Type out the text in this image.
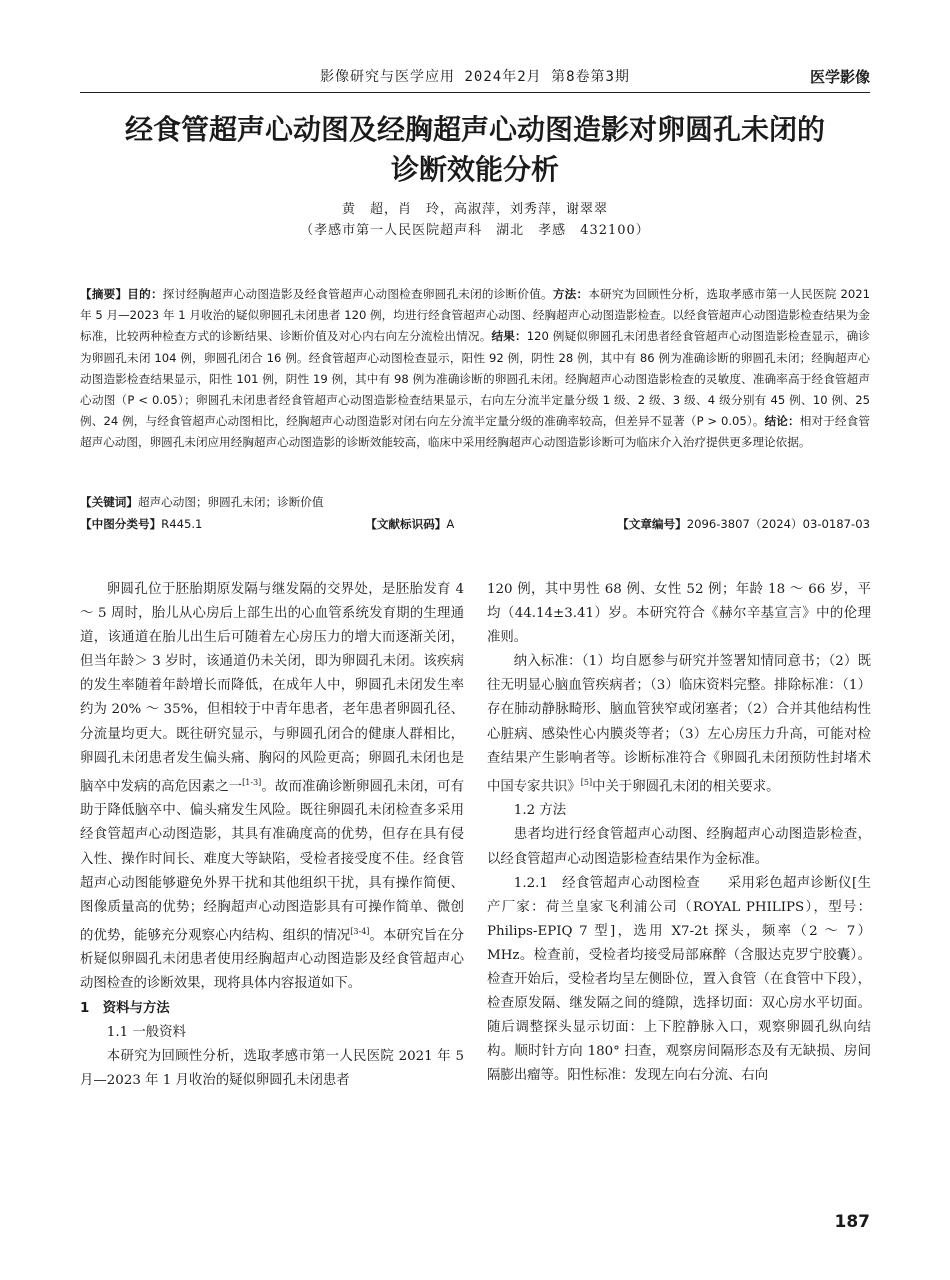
影像研究与医学应用 2024年2月 第8卷第3期	医学影像
经食管超声心动图及经胸超声心动图造影对卵圆孔未闭的
诊断效能分析
黄　超，肖　玲，高淑萍，刘秀萍，谢翠翠
（孝感市第一人民医院超声科　湖北　孝感　432100）
【摘要】目的：探讨经胸超声心动图造影及经食管超声心动图检查卵圆孔未闭的诊断价值。方法：本研究为回顾性分析，选取孝感市第一人民医院 2021 年 5 月—2023 年 1 月收治的疑似卵圆孔未闭患者 120 例，均进行经食管超声心动图、经胸超声心动图造影检查。以经食管超声心动图造影检查结果为金标准，比较两种检查方式的诊断结果、诊断价值及对心内右向左分流检出情况。结果：120 例疑似卵圆孔未闭患者经食管超声心动图造影检查显示，确诊为卵圆孔未闭 104 例，卵圆孔闭合 16 例。经食管超声心动图检查显示，阳性 92 例，阴性 28 例，其中有 86 例为准确诊断的卵圆孔未闭；经胸超声心动图造影检查结果显示，阳性 101 例，阴性 19 例，其中有 98 例为准确诊断的卵圆孔未闭。经胸超声心动图造影检查的灵敏度、准确率高于经食管超声心动图（P < 0.05）；卵圆孔未闭患者经食管超声心动图造影检查结果显示，右向左分流半定量分级 1 级、2 级、3 级、4 级分别有 45 例、10 例、25 例、24 例，与经食管超声心动图相比，经胸超声心动图造影对闭右向左分流半定量分级的准确率较高，但差异不显著（P > 0.05）。结论：相对于经食管超声心动图，卵圆孔未闭应用经胸超声心动图造影的诊断效能较高，临床中采用经胸超声心动图造影诊断可为临床介入治疗提供更多理论依据。
【关键词】超声心动图；卵圆孔未闭；诊断价值
【中图分类号】R445.1	【文献标识码】A	【文章编号】2096-3807（2024）03-0187-03

卵圆孔位于胚胎期原发隔与继发隔的交界处，是胚胎发育 4 ～ 5 周时，胎儿从心房后上部生出的心血管系统发育期的生理通道，该通道在胎儿出生后可随着左心房压力的增大而逐渐关闭，但当年龄＞ 3 岁时，该通道仍未关闭，即为卵圆孔未闭。该疾病的发生率随着年龄增长而降低，在成年人中，卵圆孔未闭发生率约为 20% ～ 35%，但相较于中青年患者，老年患者卵圆孔径、分流量均更大。既往研究显示，与卵圆孔闭合的健康人群相比，卵圆孔未闭患者发生偏头痛、胸闷的风险更高；卵圆孔未闭也是脑卒中发病的高危因素之一[1-3]。故而准确诊断卵圆孔未闭，可有助于降低脑卒中、偏头痛发生风险。既往卵圆孔未闭检查多采用经食管超声心动图造影，其具有准确度高的优势，但存在具有侵入性、操作时间长、难度大等缺陷，受检者接受度不佳。经食管超声心动图能够避免外界干扰和其他组织干扰，具有操作简便、图像质量高的优势；经胸超声心动图造影具有可操作简单、微创的优势，能够充分观察心内结构、组织的情况[3-4]。本研究旨在分析疑似卵圆孔未闭患者使用经胸超声心动图造影及经食管超声心动图检查的诊断效果，现将具体内容报道如下。

1　资料与方法

1.1 一般资料

本研究为回顾性分析，选取孝感市第一人民医院 2021 年 5 月—2023 年 1 月收治的疑似卵圆孔未闭患者

120 例，其中男性 68 例、女性 52 例；年龄 18 ～ 66 岁，平均（44.14±3.41）岁。本研究符合《赫尔辛基宣言》中的伦理准则。

纳入标准：（1）均自愿参与研究并签署知情同意书；（2）既往无明显心脑血管疾病者；（3）临床资料完整。排除标准：（1）存在肺动静脉畸形、脑血管狭窄或闭塞者；（2）合并其他结构性心脏病、感染性心内膜炎等者；（3）左心房压力升高，可能对检查结果产生影响者等。诊断标准符合《卵圆孔未闭预防性封堵术中国专家共识》[5]中关于卵圆孔未闭的相关要求。

1.2 方法

患者均进行经食管超声心动图、经胸超声心动图造影检查，以经食管超声心动图造影检查结果作为金标准。

1.2.1　经食管超声心动图检查　　 采用彩色超声诊断仪[生产厂家：荷兰皇家飞利浦公司（ROYAL PHILIPS），型号：Philips-EPIQ 7 型]，选用 X7-2t 探头，频率（2 ～ 7）MHz。检查前，受检者均接受局部麻醉（含服达克罗宁胶囊）。检查开始后，受检者均呈左侧卧位，置入食管（在食管中下段），检查原发隔、继发隔之间的缝隙，选择切面：双心房水平切面。随后调整探头显示切面：上下腔静脉入口，观察卵圆孔纵向结构。顺时针方向 180° 扫查，观察房间隔形态及有无缺损、房间隔膨出瘤等。阳性标准：发现左向右分流、右向

187
